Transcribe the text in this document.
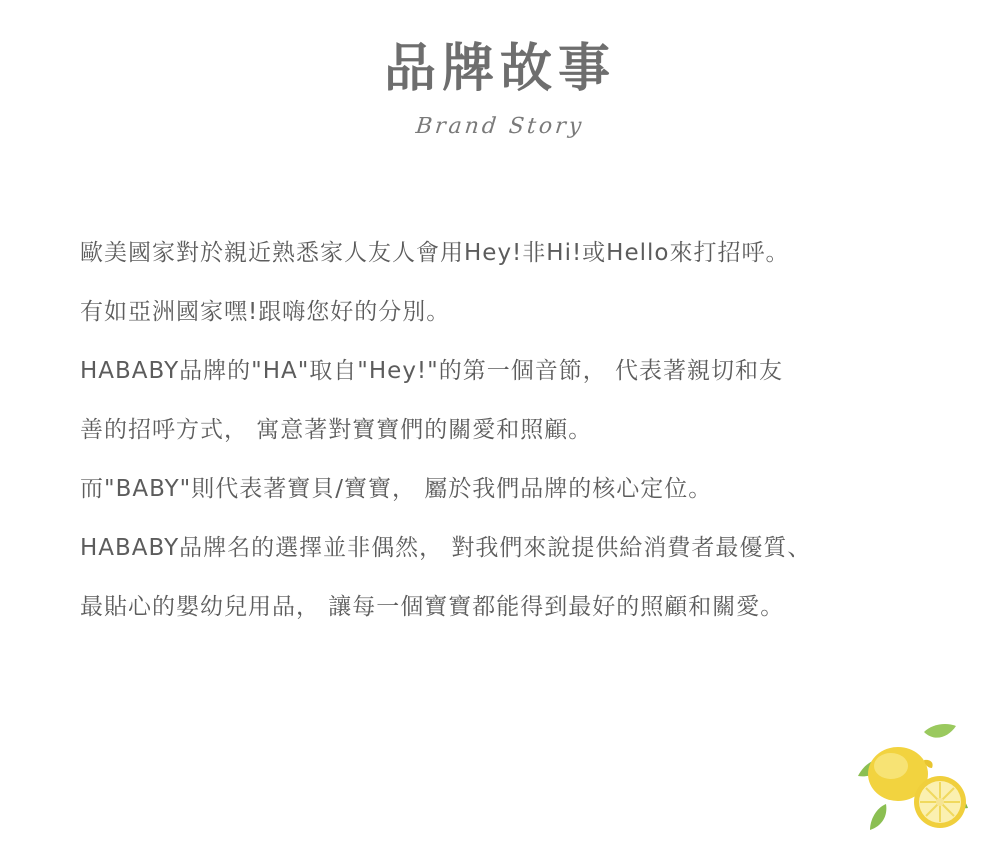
品牌故事
Brand Story

歐美國家對於親近熟悉家人友人會用Hey!非Hi!或Hello來打招呼。

有如亞洲國家嘿!跟嗨您好的分別。

HABABY品牌的"HA"取自"Hey!"的第一個音節， 代表著親切和友

善的招呼方式， 寓意著對寶寶們的關愛和照顧。

而"BABY"則代表著寶貝/寶寶， 屬於我們品牌的核心定位。

HABABY品牌名的選擇並非偶然， 對我們來說提供給消費者最優質、

最貼心的嬰幼兒用品， 讓每一個寶寶都能得到最好的照顧和關愛。
